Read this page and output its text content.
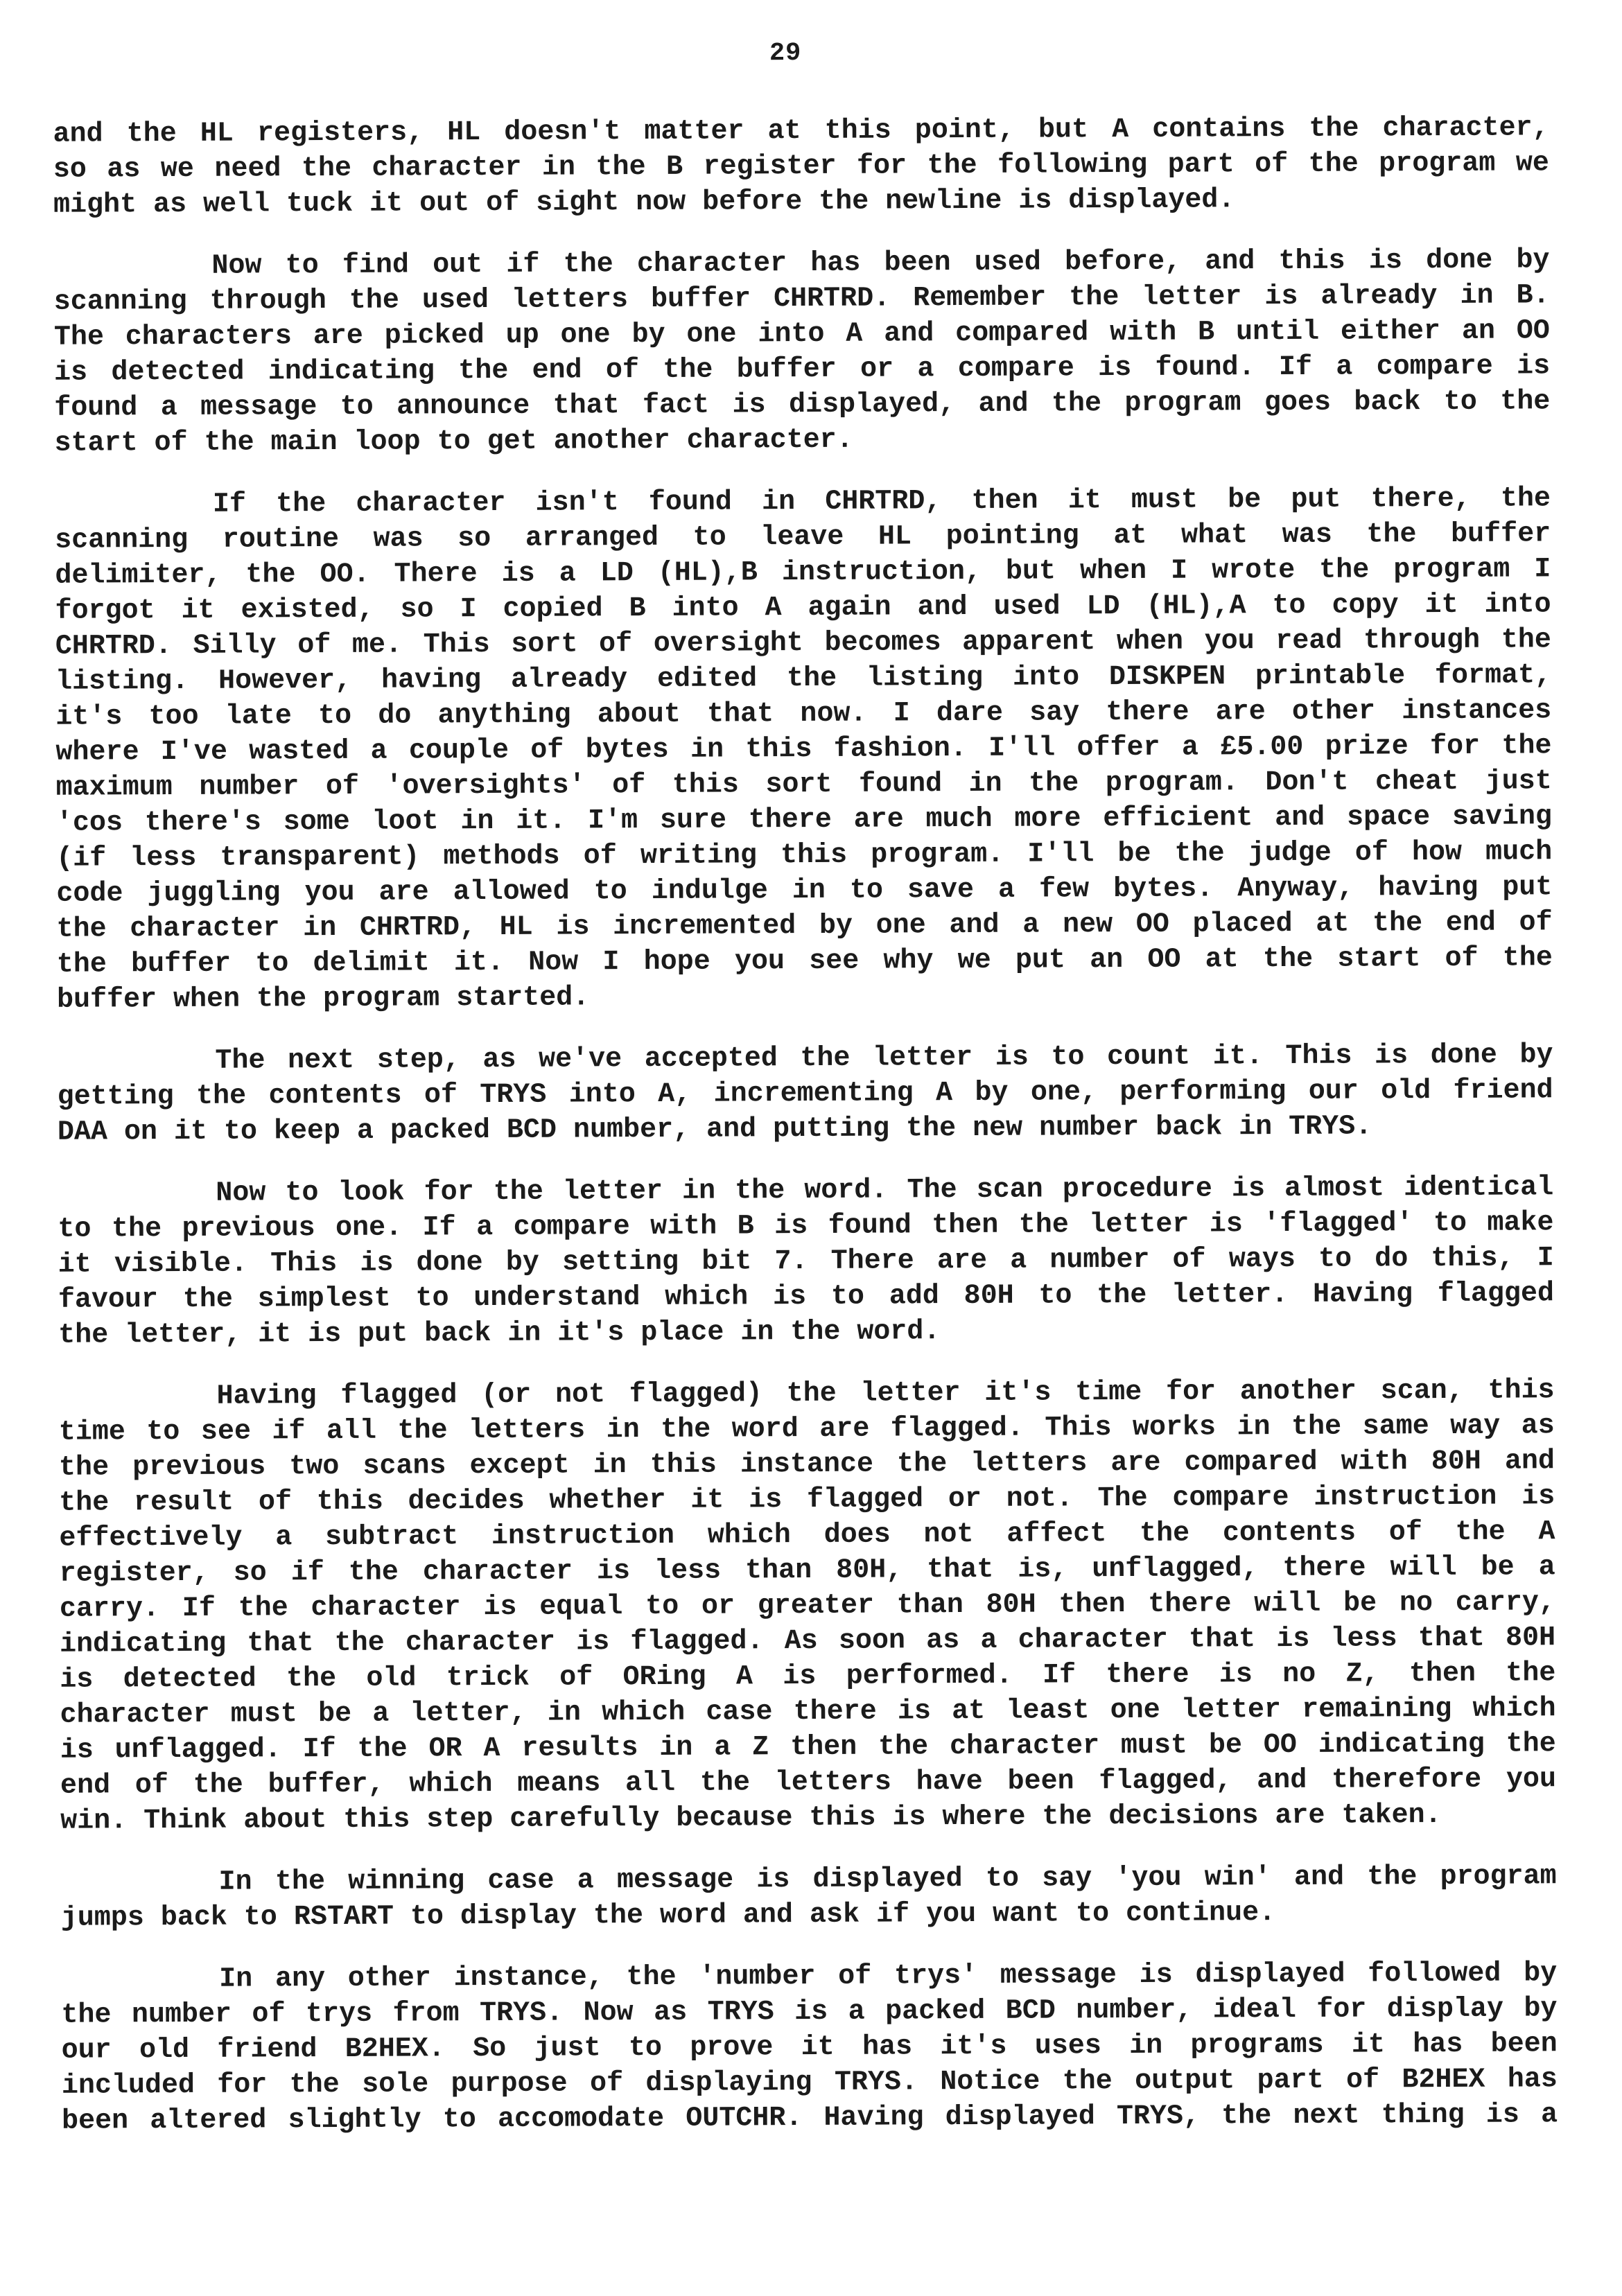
29
and the HL registers, HL doesn't matter at this point, but A contains the character,
so as we need the character in the B register for the following part of the program we
might as well tuck it out of sight now before the newline is displayed.
Now to find out if the character has been used before, and this is done by
scanning through the used letters buffer CHRTRD. Remember the letter is already in B.
The characters are picked up one by one into A and compared with B until either an OO
is detected indicating the end of the buffer or a compare is found. If a compare is
found a message to announce that fact is displayed, and the program goes back to the
start of the main loop to get another character.
If the character isn't found in CHRTRD, then it must be put there, the
scanning routine was so arranged to leave HL pointing at what was the buffer
delimiter, the OO. There is a LD (HL),B instruction, but when I wrote the program I
forgot it existed, so I copied B into A again and used LD (HL),A to copy it into
CHRTRD. Silly of me. This sort of oversight becomes apparent when you read through the
listing. However, having already edited the listing into DISKPEN printable format,
it's too late to do anything about that now. I dare say there are other instances
where I've wasted a couple of bytes in this fashion. I'll offer a £5.00 prize for the
maximum number of 'oversights' of this sort found in the program. Don't cheat just
'cos there's some loot in it. I'm sure there are much more efficient and space saving
(if less transparent) methods of writing this program. I'll be the judge of how much
code juggling you are allowed to indulge in to save a few bytes. Anyway, having put
the character in CHRTRD, HL is incremented by one and a new OO placed at the end of
the buffer to delimit it. Now I hope you see why we put an OO at the start of the
buffer when the program started.
The next step, as we've accepted the letter is to count it. This is done by
getting the contents of TRYS into A, incrementing A by one, performing our old friend
DAA on it to keep a packed BCD number, and putting the new number back in TRYS.
Now to look for the letter in the word. The scan procedure is almost identical
to the previous one. If a compare with B is found then the letter is 'flagged' to make
it visible. This is done by setting bit 7. There are a number of ways to do this, I
favour the simplest to understand which is to add 80H to the letter. Having flagged
the letter, it is put back in it's place in the word.
Having flagged (or not flagged) the letter it's time for another scan, this
time to see if all the letters in the word are flagged. This works in the same way as
the previous two scans except in this instance the letters are compared with 80H and
the result of this decides whether it is flagged or not. The compare instruction is
effectively a subtract instruction which does not affect the contents of the A
register, so if the character is less than 80H, that is, unflagged, there will be a
carry. If the character is equal to or greater than 80H then there will be no carry,
indicating that the character is flagged. As soon as a character that is less that 80H
is detected the old trick of ORing A is performed. If there is no Z, then the
character must be a letter, in which case there is at least one letter remaining which
is unflagged. If the OR A results in a Z then the character must be OO indicating the
end of the buffer, which means all the letters have been flagged, and therefore you
win. Think about this step carefully because this is where the decisions are taken.
In the winning case a message is displayed to say 'you win' and the program
jumps back to RSTART to display the word and ask if you want to continue.
In any other instance, the 'number of trys' message is displayed followed by
the number of trys from TRYS. Now as TRYS is a packed BCD number, ideal for display by
our old friend B2HEX. So just to prove it has it's uses in programs it has been
included for the sole purpose of displaying TRYS. Notice the output part of B2HEX has
been altered slightly to accomodate OUTCHR. Having displayed TRYS, the next thing is a
